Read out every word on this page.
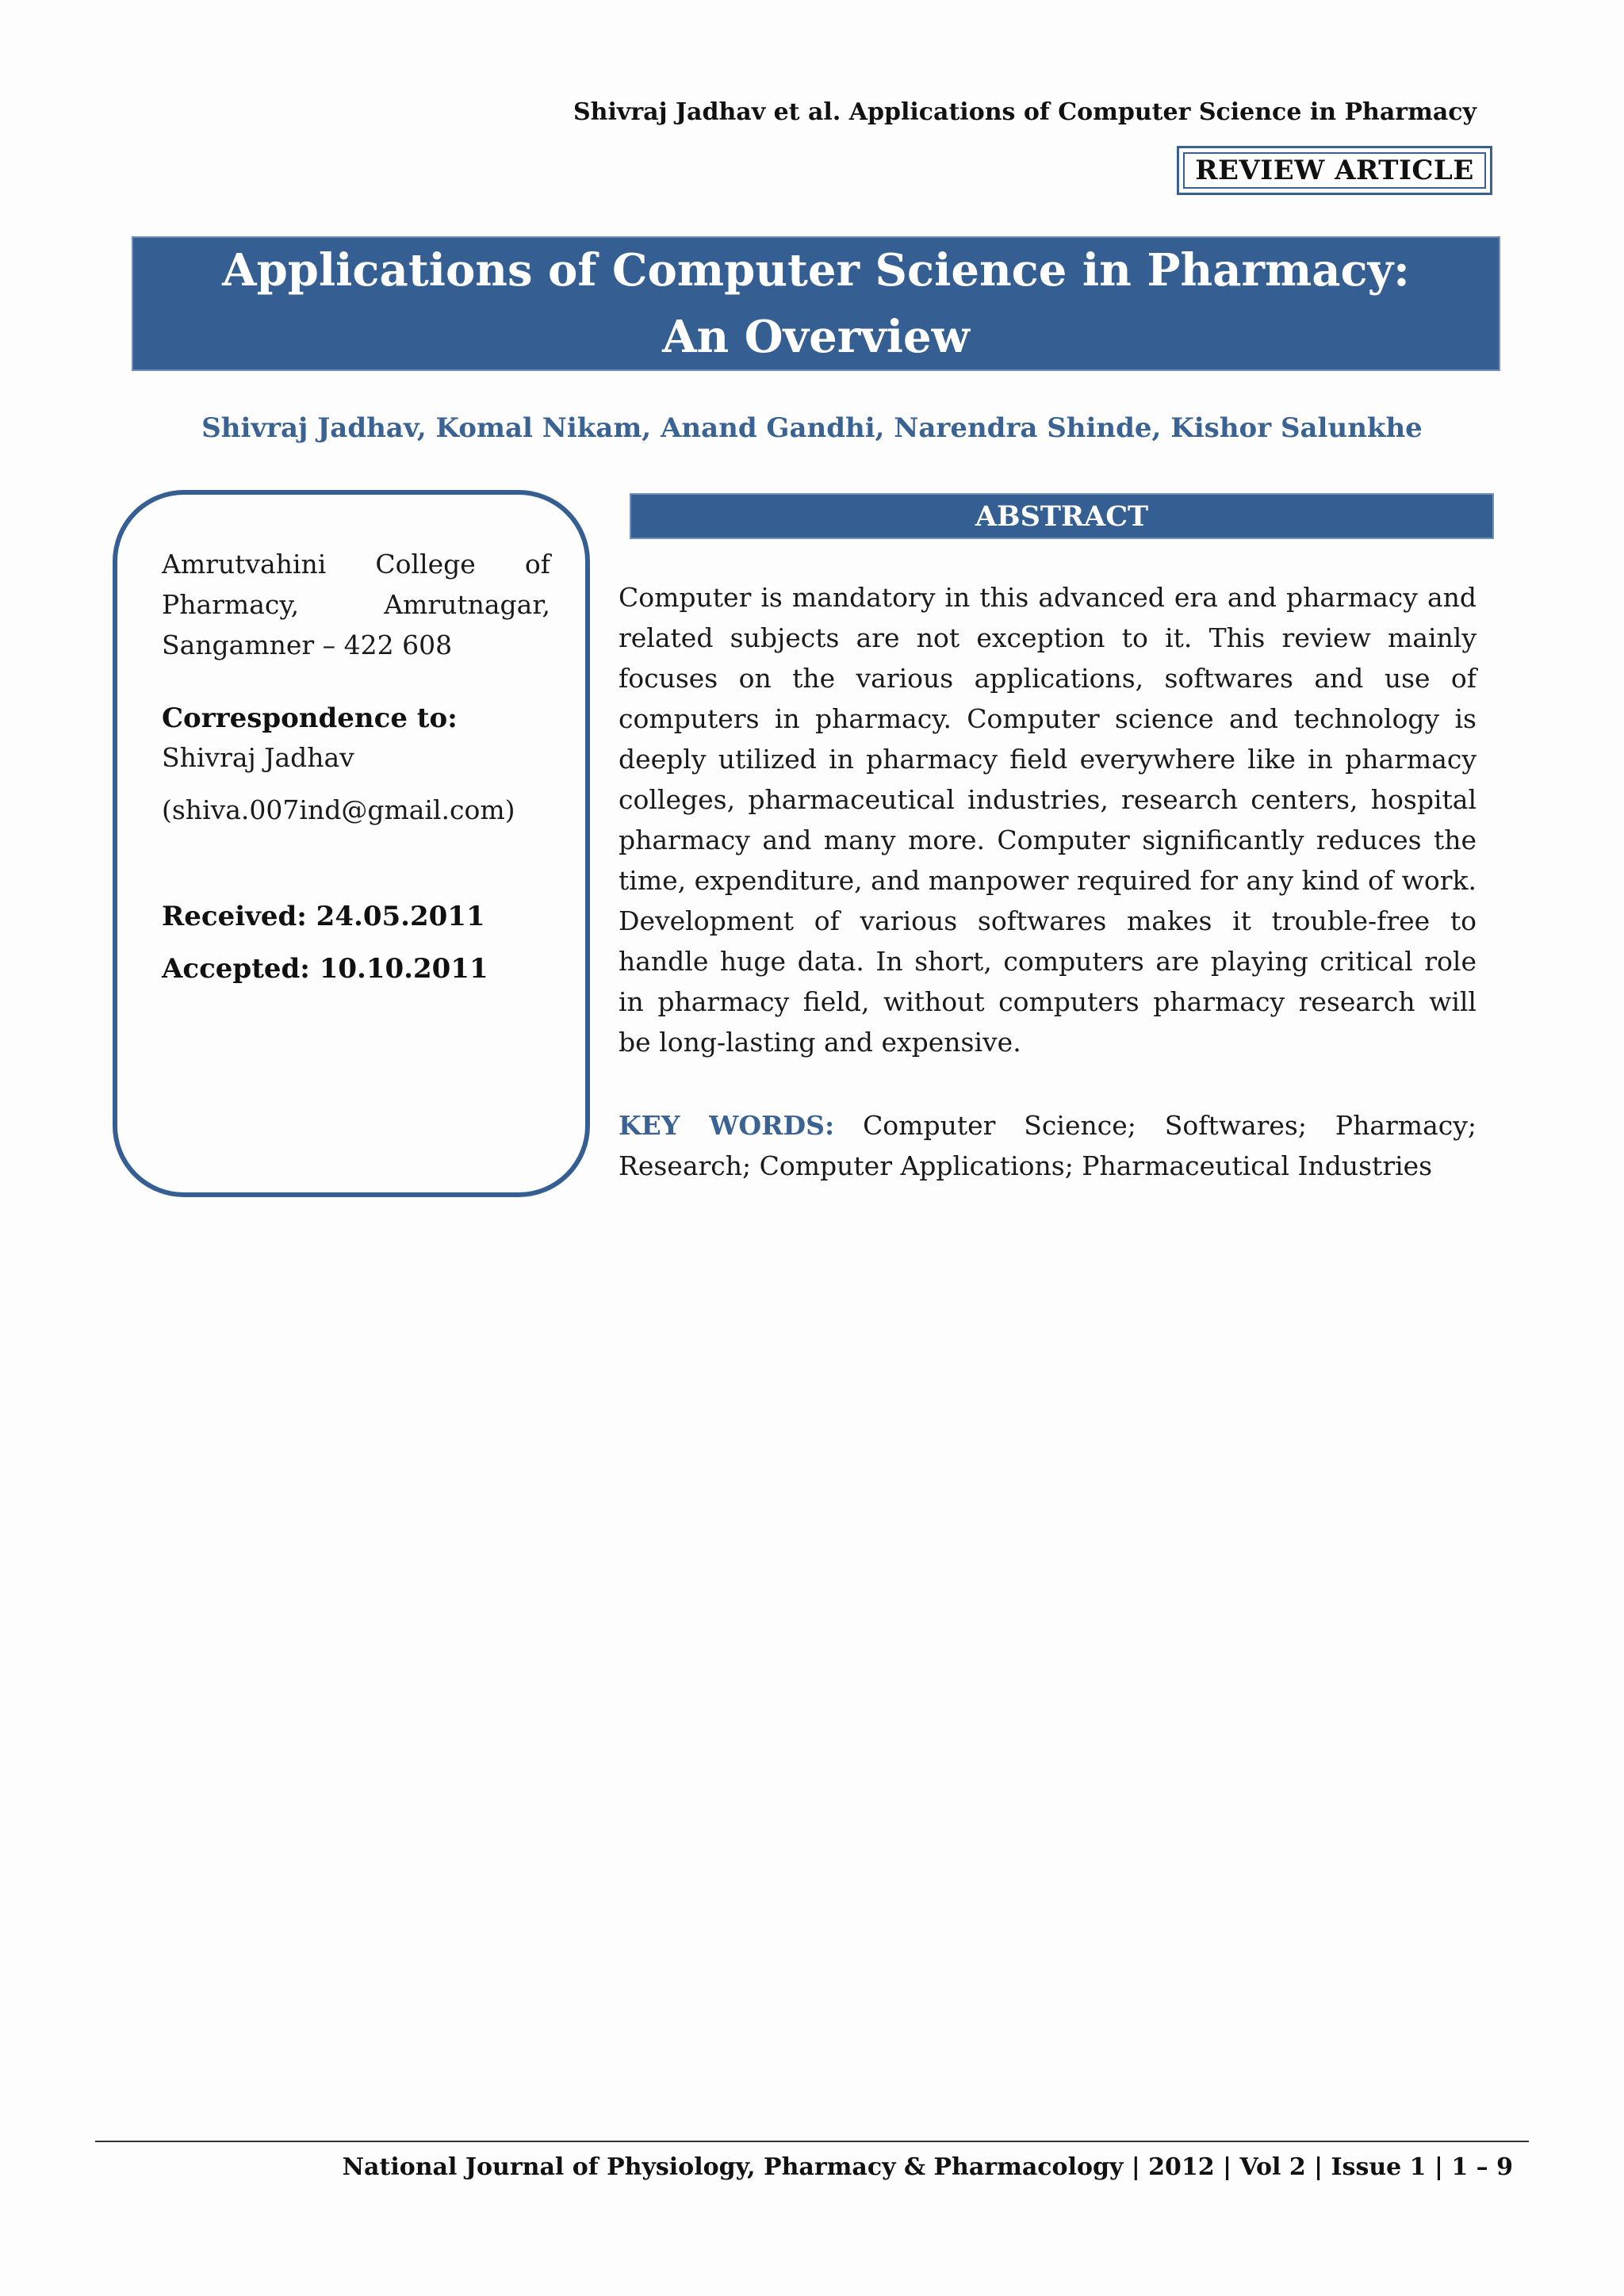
Shivraj Jadhav et al. Applications of Computer Science in Pharmacy
REVIEW ARTICLE
Applications of Computer Science in Pharmacy:
An Overview
Shivraj Jadhav, Komal Nikam, Anand Gandhi, Narendra Shinde, Kishor Salunkhe
Amrutvahini College of Pharmacy, Amrutnagar, Sangamner – 422 608
Correspondence to:
Shivraj Jadhav
(shiva.007ind@gmail.com)
Received: 24.05.2011
Accepted: 10.10.2011
ABSTRACT
Computer is mandatory in this advanced era and pharmacy and related subjects are not exception to it. This review mainly focuses on the various applications, softwares and use of computers in pharmacy. Computer science and technology is deeply utilized in pharmacy field everywhere like in pharmacy colleges, pharmaceutical industries, research centers, hospital pharmacy and many more. Computer significantly reduces the time, expenditure, and manpower required for any kind of work. Development of various softwares makes it trouble-free to handle huge data. In short, computers are playing critical role in pharmacy field, without computers pharmacy research will be long-lasting and expensive.
KEY WORDS: Computer Science; Softwares; Pharmacy; Research; Computer Applications; Pharmaceutical Industries
National Journal of Physiology, Pharmacy & Pharmacology | 2012 | Vol 2 | Issue 1 | 1 – 9
